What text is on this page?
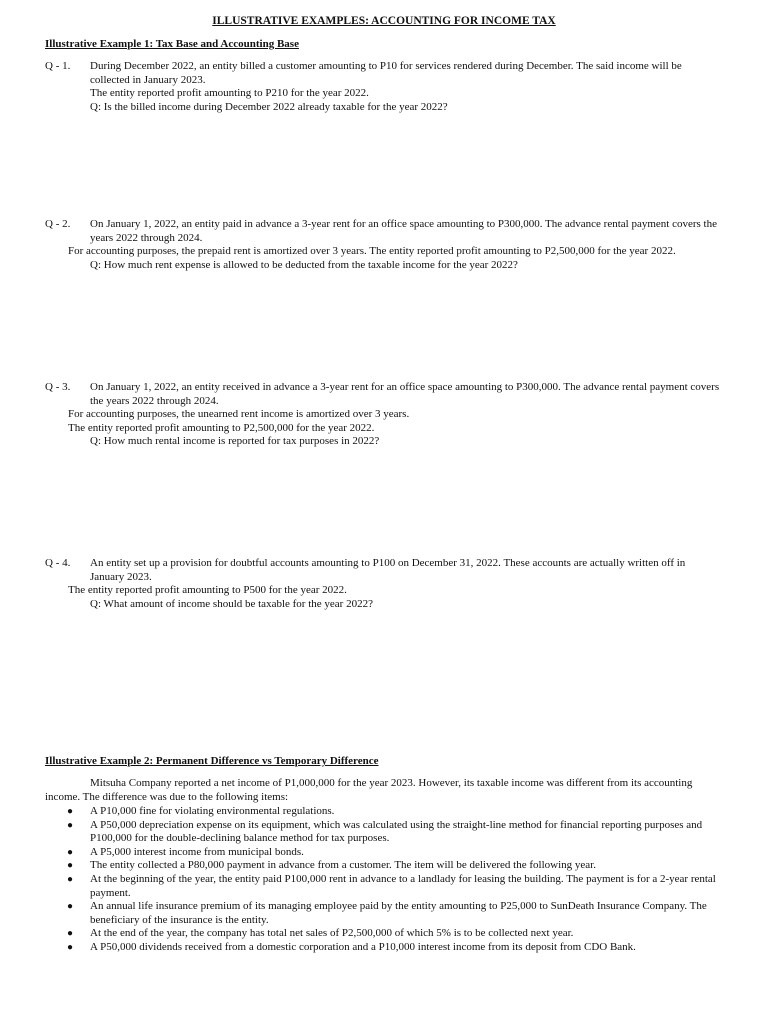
ILLUSTRATIVE EXAMPLES: ACCOUNTING FOR INCOME TAX
Illustrative Example 1: Tax Base and Accounting Base
Q - 1. During December 2022, an entity billed a customer amounting to P10 for services rendered during December. The said income will be collected in January 2023.
The entity reported profit amounting to P210 for the year 2022.
Q: Is the billed income during December 2022 already taxable for the year 2022?
Q - 2. On January 1, 2022, an entity paid in advance a 3-year rent for an office space amounting to P300,000. The advance rental payment covers the years 2022 through 2024.
For accounting purposes, the prepaid rent is amortized over 3 years. The entity reported profit amounting to P2,500,000 for the year 2022.
Q: How much rent expense is allowed to be deducted from the taxable income for the year 2022?
Q - 3. On January 1, 2022, an entity received in advance a 3-year rent for an office space amounting to P300,000. The advance rental payment covers the years 2022 through 2024.
For accounting purposes, the unearned rent income is amortized over 3 years.
The entity reported profit amounting to P2,500,000 for the year 2022.
Q: How much rental income is reported for tax purposes in 2022?
Q - 4. An entity set up a provision for doubtful accounts amounting to P100 on December 31, 2022. These accounts are actually written off in January 2023.
The entity reported profit amounting to P500 for the year 2022.
Q: What amount of income should be taxable for the year 2022?
Illustrative Example 2: Permanent Difference vs Temporary Difference
Mitsuha Company reported a net income of P1,000,000 for the year 2023. However, its taxable income was different from its accounting income. The difference was due to the following items:
● A P10,000 fine for violating environmental regulations.
● A P50,000 depreciation expense on its equipment, which was calculated using the straight-line method for financial reporting purposes and P100,000 for the double-declining balance method for tax purposes.
● A P5,000 interest income from municipal bonds.
● The entity collected a P80,000 payment in advance from a customer. The item will be delivered the following year.
● At the beginning of the year, the entity paid P100,000 rent in advance to a landlady for leasing the building. The payment is for a 2-year rental payment.
● An annual life insurance premium of its managing employee paid by the entity amounting to P25,000 to SunDeath Insurance Company. The beneficiary of the insurance is the entity.
● At the end of the year, the company has total net sales of P2,500,000 of which 5% is to be collected next year.
● A P50,000 dividends received from a domestic corporation and a P10,000 interest income from its deposit from CDO Bank.
